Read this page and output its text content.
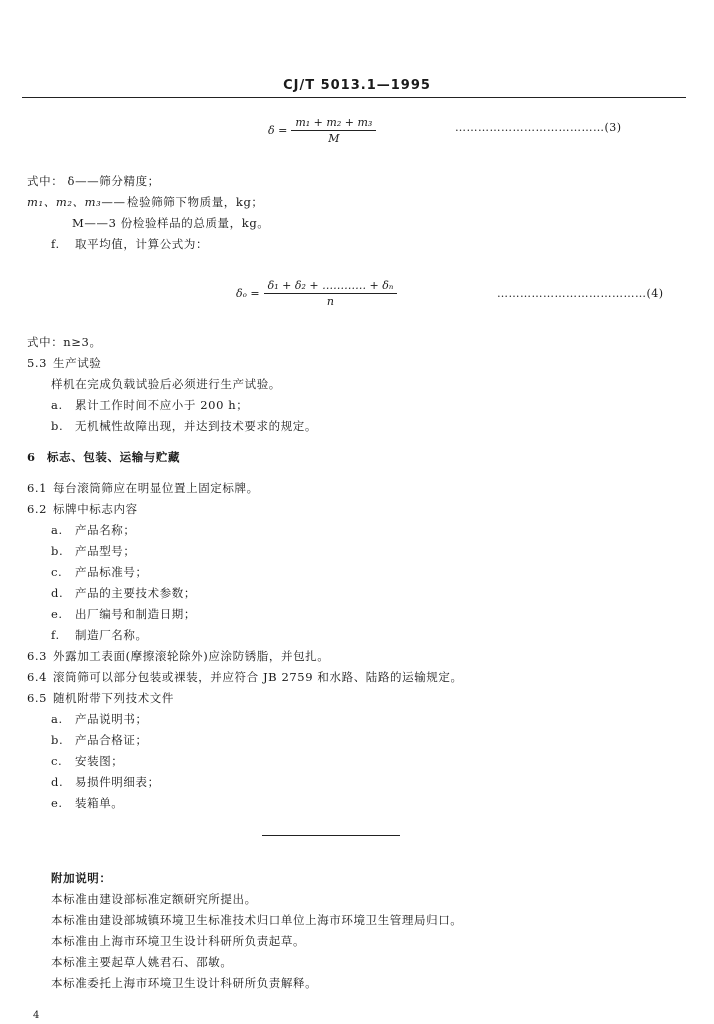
CJ/T 5013.1—1995
$\delta = \frac{\text{m₁ + m₂ + m₃}}{M}$	…………………………………(3)
式中： δ——筛分精度；
m₁、m₂、m₃——检验筛筛下物质量，kg；
M——3 份检验样品的总质量，kg。
f. 取平均值，计算公式为：
$\delta_o = \frac{\text{δ₁ + δ₂ + ………… + δₙ}}{n}$	…………………………………(4)
式中：n≥3。
5.3 生产试验
样机在完成负载试验后必须进行生产试验。
a. 累计工作时间不应小于 200 h；
b. 无机械性故障出现，并达到技术要求的规定。
6 标志、包装、运输与贮藏
6.1 每台滚筒筛应在明显位置上固定标牌。
6.2 标牌中标志内容
a. 产品名称；
b. 产品型号；
c. 产品标准号；
d. 产品的主要技术参数；
e. 出厂编号和制造日期；
f. 制造厂名称。
6.3 外露加工表面(摩擦滚轮除外)应涂防锈脂，并包扎。
6.4 滚筒筛可以部分包装或裸装，并应符合 JB 2759 和水路、陆路的运输规定。
6.5 随机附带下列技术文件
a. 产品说明书；
b. 产品合格证；
c. 安装图；
d. 易损件明细表；
e. 装箱单。
附加说明：
本标准由建设部标准定额研究所提出。
本标准由建设部城镇环境卫生标准技术归口单位上海市环境卫生管理局归口。
本标准由上海市环境卫生设计科研所负责起草。
本标准主要起草人姚君石、邵敏。
本标准委托上海市环境卫生设计科研所负责解释。
4
